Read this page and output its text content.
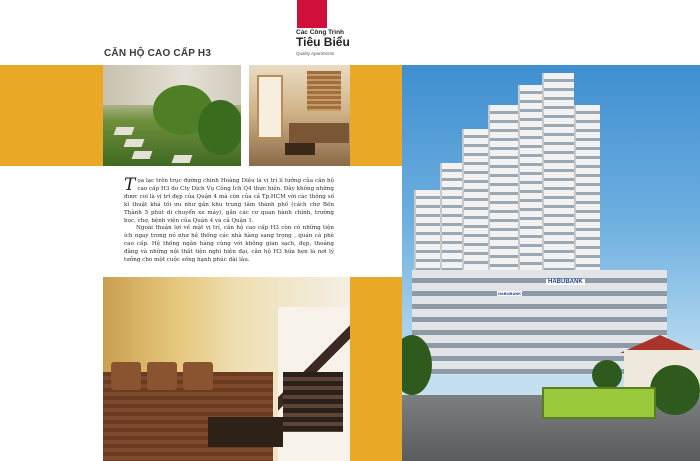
Các Công Trình
Tiêu Biểu
Quality Apartments
CĂN HỘ CAO CẤP H3

Tọa lạc trên trục đường chính Hoàng Diệu là vị trí lí tưởng của căn hộ cao cấp H3 do Cty Dịch Vụ Công Ích Q4 thực hiện. Đây không những được coi là vị trí đẹp của Quận 4 mà còn của cả Tp.HCM với các thông số kĩ thuật khá tối ưu như gần khu trung tâm thành phố (cách chợ Bến Thành 5 phút di chuyển xe máy), gần các cơ quan hành chính, trường học, chợ, bệnh viện của Quận 4 và cả Quận 1.

Ngoài thuận lợi về mặt vị trí, căn hộ cao cấp H3 còn có những tiện ích ngay trong nó như hệ thống các nhà hàng sang trọng , quán cà phê cao cấp. Hệ thống ngân hàng cùng với không gian sạch, đẹp, thoáng đãng và những nội thất tiện nghi hiện đại, căn hộ H3 hứa hẹn là nơi lý tưởng cho một cuộc sống hạnh phúc dài lâu.

HABUBANK
HABUBANK
